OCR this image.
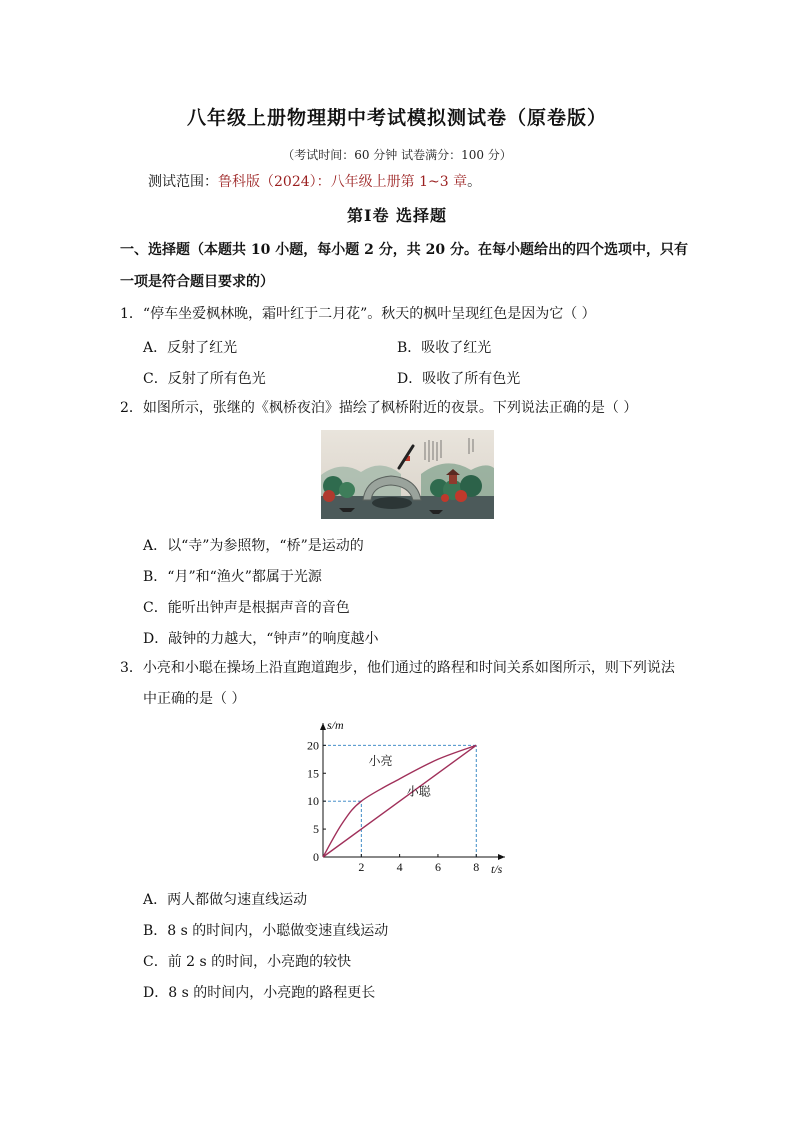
八年级上册物理期中考试模拟测试卷（原卷版）
（考试时间：60 分钟 试卷满分：100 分）
测试范围：鲁科版（2024）：八年级上册第 1~3 章。
第Ⅰ卷 选择题
一、选择题（本题共 10 小题，每小题 2 分，共 20 分。在每小题给出的四个选项中，只有
一项是符合题目要求的）
1．“停车坐爱枫林晚，霜叶红于二月花”。秋天的枫叶呈现红色是因为它（ ）
A．反射了红光	B．吸收了红光
C．反射了所有色光	D．吸收了所有色光
2．如图所示，张继的《枫桥夜泊》描绘了枫桥附近的夜景。下列说法正确的是（ ）
A．以“寺”为参照物，“桥”是运动的
B．“月”和“渔火”都属于光源
C．能听出钟声是根据声音的音色
D．敲钟的力越大，“钟声”的响度越小
3．小亮和小聪在操场上沿直跑道跑步，他们通过的路程和时间关系如图所示，则下列说法
中正确的是（ ）
2	4	6	8
5
10
15
20
0
s/m
t/s
小亮
小聪
A．两人都做匀速直线运动
B．8 s 的时间内，小聪做变速直线运动
C．前 2 s 的时间，小亮跑的较快
D．8 s 的时间内，小亮跑的路程更长
